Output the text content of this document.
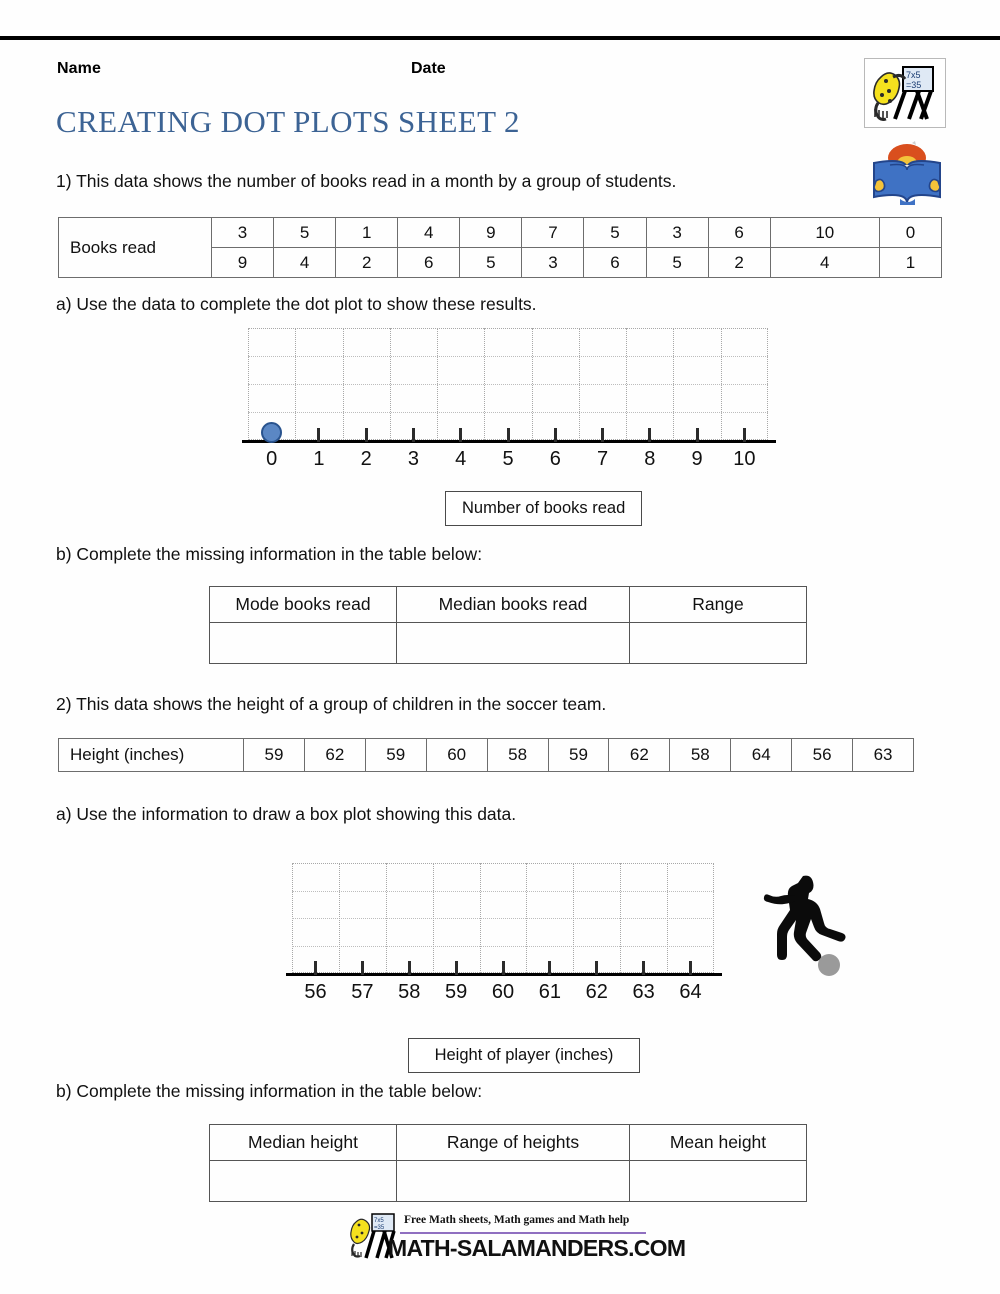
Name	Date
CREATING DOT PLOTS SHEET 2
7x5
=35
1) This data shows the number of books read in a month by a group of students.
Books read	3	5	1	4	9	7	5	3	6	10	0
	9	4	2	6	5	3	6	5	2	4	1
a) Use the data to complete the dot plot to show these results.
0	1	2	3	4	5	6	7	8	9	10
Number of books read
b) Complete the missing information in the table below:
Mode books read	Median books read	Range

2) This data shows the height of a group of children in the soccer team.
Height (inches)	59	62	59	60	58	59	62	58	64	56	63
a) Use the information to draw a box plot showing this data.
56	57	58	59	60	61	62	63	64
Height of player (inches)
b) Complete the missing information in the table below:
Median height	Range of heights	Mean height

7x5
=35
Free Math sheets, Math games and Math help
MATH-SALAMANDERS.COM
